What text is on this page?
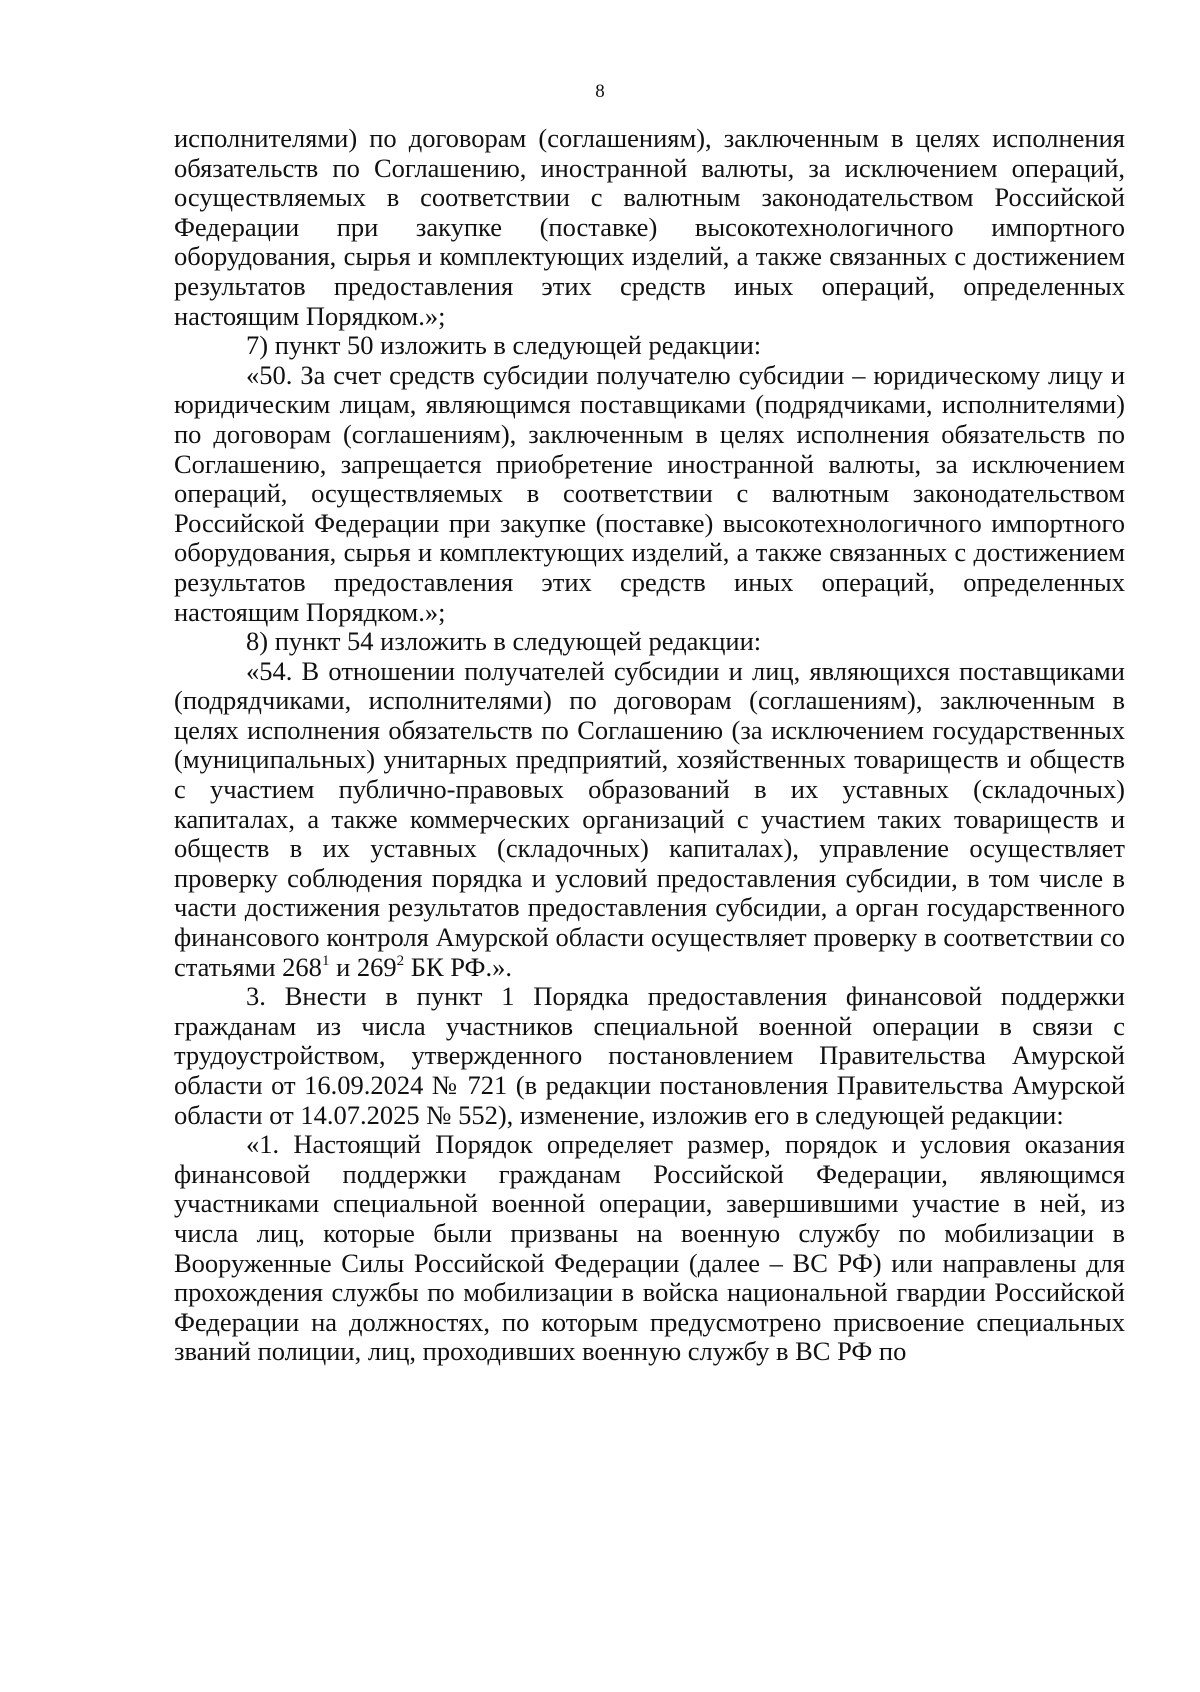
8

исполнителями) по договорам (соглашениям), заключенным в целях исполнения обязательств по Соглашению, иностранной валюты, за исключением операций, осуществляемых в соответствии с валютным законодательством Российской Федерации при закупке (поставке) высокотехнологичного импортного оборудования, сырья и комплектующих изделий, а также связанных с достижением результатов предоставления этих средств иных операций, определенных настоящим Порядком.»;

7) пункт 50 изложить в следующей редакции:

«50. За счет средств субсидии получателю субсидии – юридическому лицу и юридическим лицам, являющимся поставщиками (подрядчиками, исполнителями) по договорам (соглашениям), заключенным в целях исполнения обязательств по Соглашению, запрещается приобретение иностранной валюты, за исключением операций, осуществляемых в соответствии с валютным законодательством Российской Федерации при закупке (поставке) высокотехнологичного импортного оборудования, сырья и комплектующих изделий, а также связанных с достижением результатов предоставления этих средств иных операций, определенных настоящим Порядком.»;

8) пункт 54 изложить в следующей редакции:

«54. В отношении получателей субсидии и лиц, являющихся поставщиками (подрядчиками, исполнителями) по договорам (соглашениям), заключенным в целях исполнения обязательств по Соглашению (за исключением государственных (муниципальных) унитарных предприятий, хозяйственных товариществ и обществ с участием публично-правовых образований в их уставных (складочных) капиталах, а также коммерческих организаций с участием таких товариществ и обществ в их уставных (складочных) капиталах), управление осуществляет проверку соблюдения порядка и условий предоставления субсидии, в том числе в части достижения результатов предоставления субсидии, а орган государственного финансового контроля Амурской области осуществляет проверку в соответствии со статьями $268^1$ и $269^2$ БК РФ.».

3. Внести в пункт 1 Порядка предоставления финансовой поддержки гражданам из числа участников специальной военной операции в связи с трудоустройством, утвержденного постановлением Правительства Амурской области от 16.09.2024 № 721 (в редакции постановления Правительства Амурской области от 14.07.2025 № 552), изменение, изложив его в следующей редакции:

«1. Настоящий Порядок определяет размер, порядок и условия оказания финансовой поддержки гражданам Российской Федерации, являющимся участниками специальной военной операции, завершившими участие в ней, из числа лиц, которые были призваны на военную службу по мобилизации в Вооруженные Силы Российской Федерации (далее – ВС РФ) или направлены для прохождения службы по мобилизации в войска национальной гвардии Российской Федерации на должностях, по которым предусмотрено присвоение специальных званий полиции, лиц, проходивших военную службу в ВС РФ по
